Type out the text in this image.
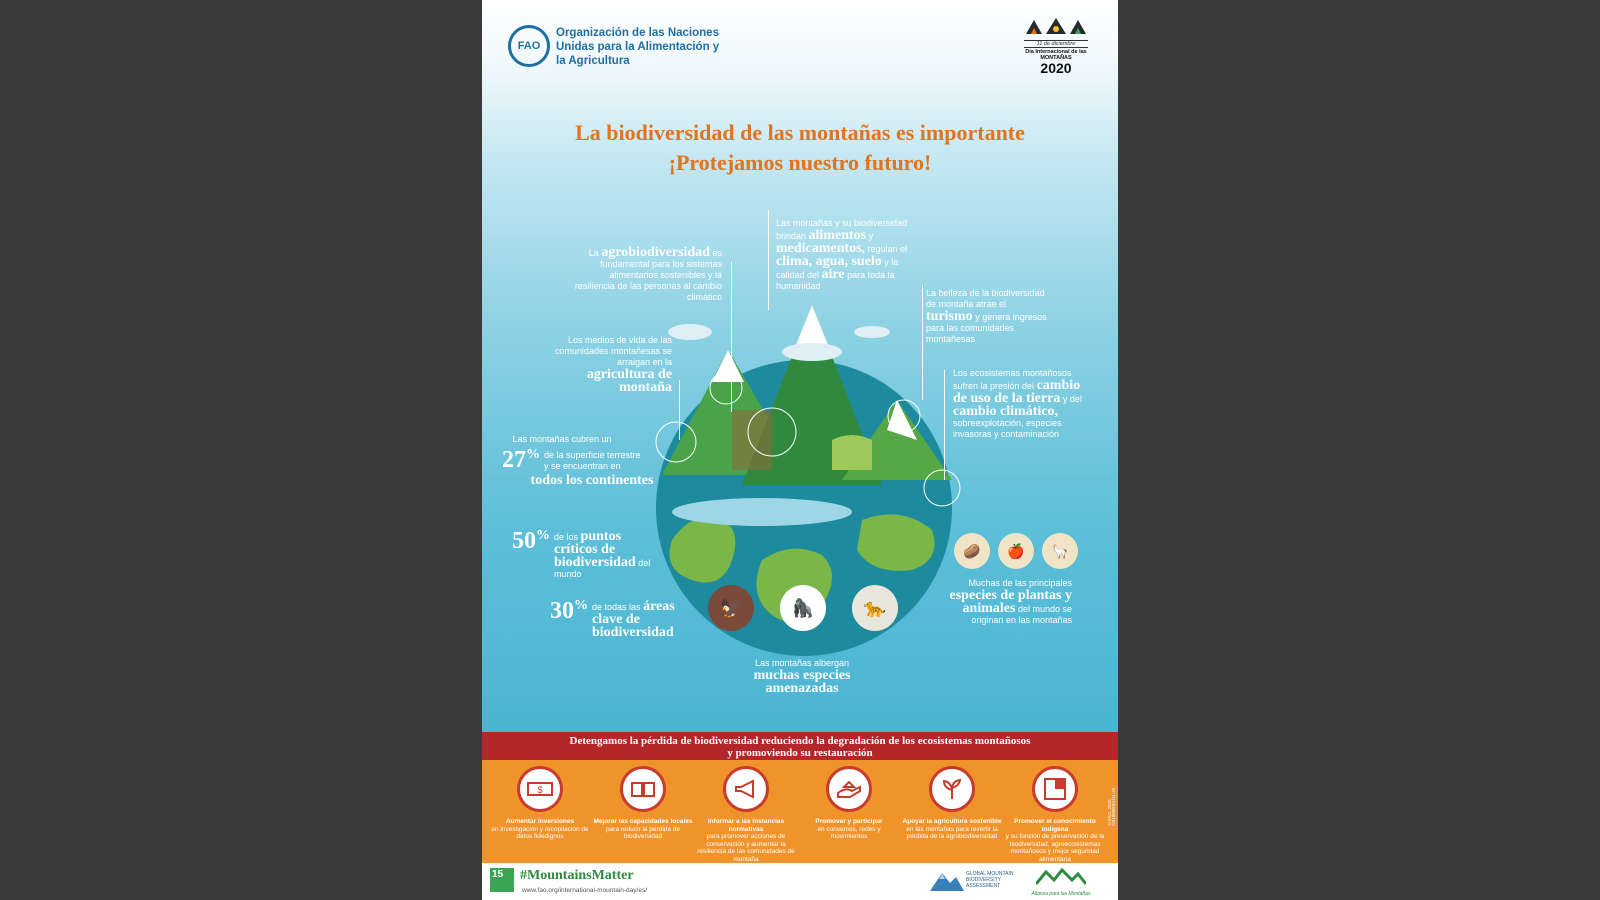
FAO
Organización de las Naciones Unidas para la Alimentación y la Agricultura
11 de diciembre
Día Internacional de las MONTAÑAS
2020
La biodiversidad de las montañas es importante
¡Protejamos nuestro futuro!
La agrobiodiversidad es fundamental para los sistemas alimentarios sostenibles y la resiliencia de las personas al cambio climático
Las montañas y su biodiversidad brindan alimentos y medicamentos, regulan el clima, agua, suelo y la calidad del aire para toda la humanidad
La belleza de la biodiversidad de montaña atrae el turismo y genera ingresos para las comunidades montañesas
Los medios de vida de las comunidades montañesas se arraigan en la agricultura de montaña
Los ecosistemas montañosos sufren la presión del cambio de uso de la tierra y del cambio climático, sobreexplotación, especies invasoras y contaminación
Las montañas cubren un
27% de la superficie terrestre y se encuentran en
todos los continentes
50% de los puntos críticos de biodiversidad del mundo
30% de todas las áreas clave de biodiversidad
🦅	🦍	🐆
🥔	🍎	🦙
Muchas de las principales especies de plantas y animales del mundo se originan en las montañas
Las montañas albergan muchas especies amenazadas
Detengamos la pérdida de biodiversidad reduciendo la degradación de los ecosistemas montañosos
y promoviendo su restauración
$
Aumentar inversiones
en investigación y recopilación de datos fidedignos
Mejorar las capacidades locales
para reducir la pérdida de biodiversidad
Informar a las instancias normativas
para promover acciones de conservación y aumentar la resiliencia de las comunidades de montaña
Promover y participar
en convenios, redes y movimientos
Apoyar la agricultura sostenible
en las montañas para revertir la pérdida de la agrobiodiversidad
Promover el conocimiento indígena
y su función de preservación de la biodiversidad, agroecosistemas montañosos y mejor seguridad alimentaria
©FAO, 2020 CB1960ES/1/11.20
15	#MountainsMatter
www.fao.org/international-mountain-day/es/
GLOBAL MOUNTAIN BIODIVERSITY ASSESSMENT
Alianza para las Montañas
